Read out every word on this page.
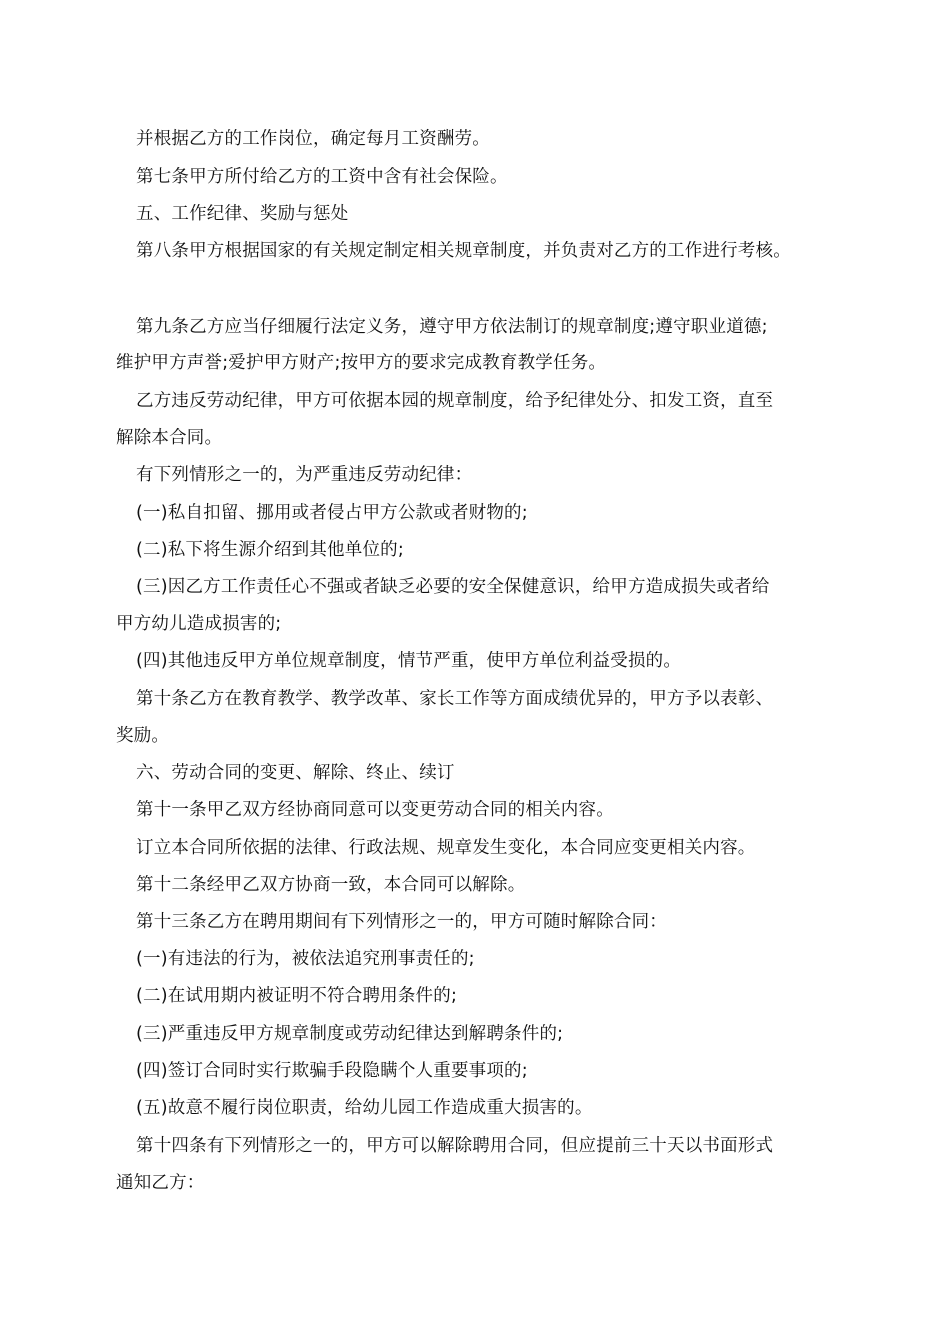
并根据乙方的工作岗位，确定每月工资酬劳。
第七条甲方所付给乙方的工资中含有社会保险。
五、工作纪律、奖励与惩处
第八条甲方根据国家的有关规定制定相关规章制度，并负责对乙方的工作进行考核。
第九条乙方应当仔细履行法定义务，遵守甲方依法制订的规章制度;遵守职业道德;
维护甲方声誉;爱护甲方财产;按甲方的要求完成教育教学任务。
乙方违反劳动纪律，甲方可依据本园的规章制度，给予纪律处分、扣发工资，直至
解除本合同。
有下列情形之一的，为严重违反劳动纪律：
(一)私自扣留、挪用或者侵占甲方公款或者财物的;
(二)私下将生源介绍到其他单位的;
(三)因乙方工作责任心不强或者缺乏必要的安全保健意识，给甲方造成损失或者给
甲方幼儿造成损害的;
(四)其他违反甲方单位规章制度，情节严重，使甲方单位利益受损的。
第十条乙方在教育教学、教学改革、家长工作等方面成绩优异的，甲方予以表彰、
奖励。
六、劳动合同的变更、解除、终止、续订
第十一条甲乙双方经协商同意可以变更劳动合同的相关内容。
订立本合同所依据的法律、行政法规、规章发生变化，本合同应变更相关内容。
第十二条经甲乙双方协商一致，本合同可以解除。
第十三条乙方在聘用期间有下列情形之一的，甲方可随时解除合同：
(一)有违法的行为，被依法追究刑事责任的;
(二)在试用期内被证明不符合聘用条件的;
(三)严重违反甲方规章制度或劳动纪律达到解聘条件的;
(四)签订合同时实行欺骗手段隐瞒个人重要事项的;
(五)故意不履行岗位职责，给幼儿园工作造成重大损害的。
第十四条有下列情形之一的，甲方可以解除聘用合同，但应提前三十天以书面形式
通知乙方：
